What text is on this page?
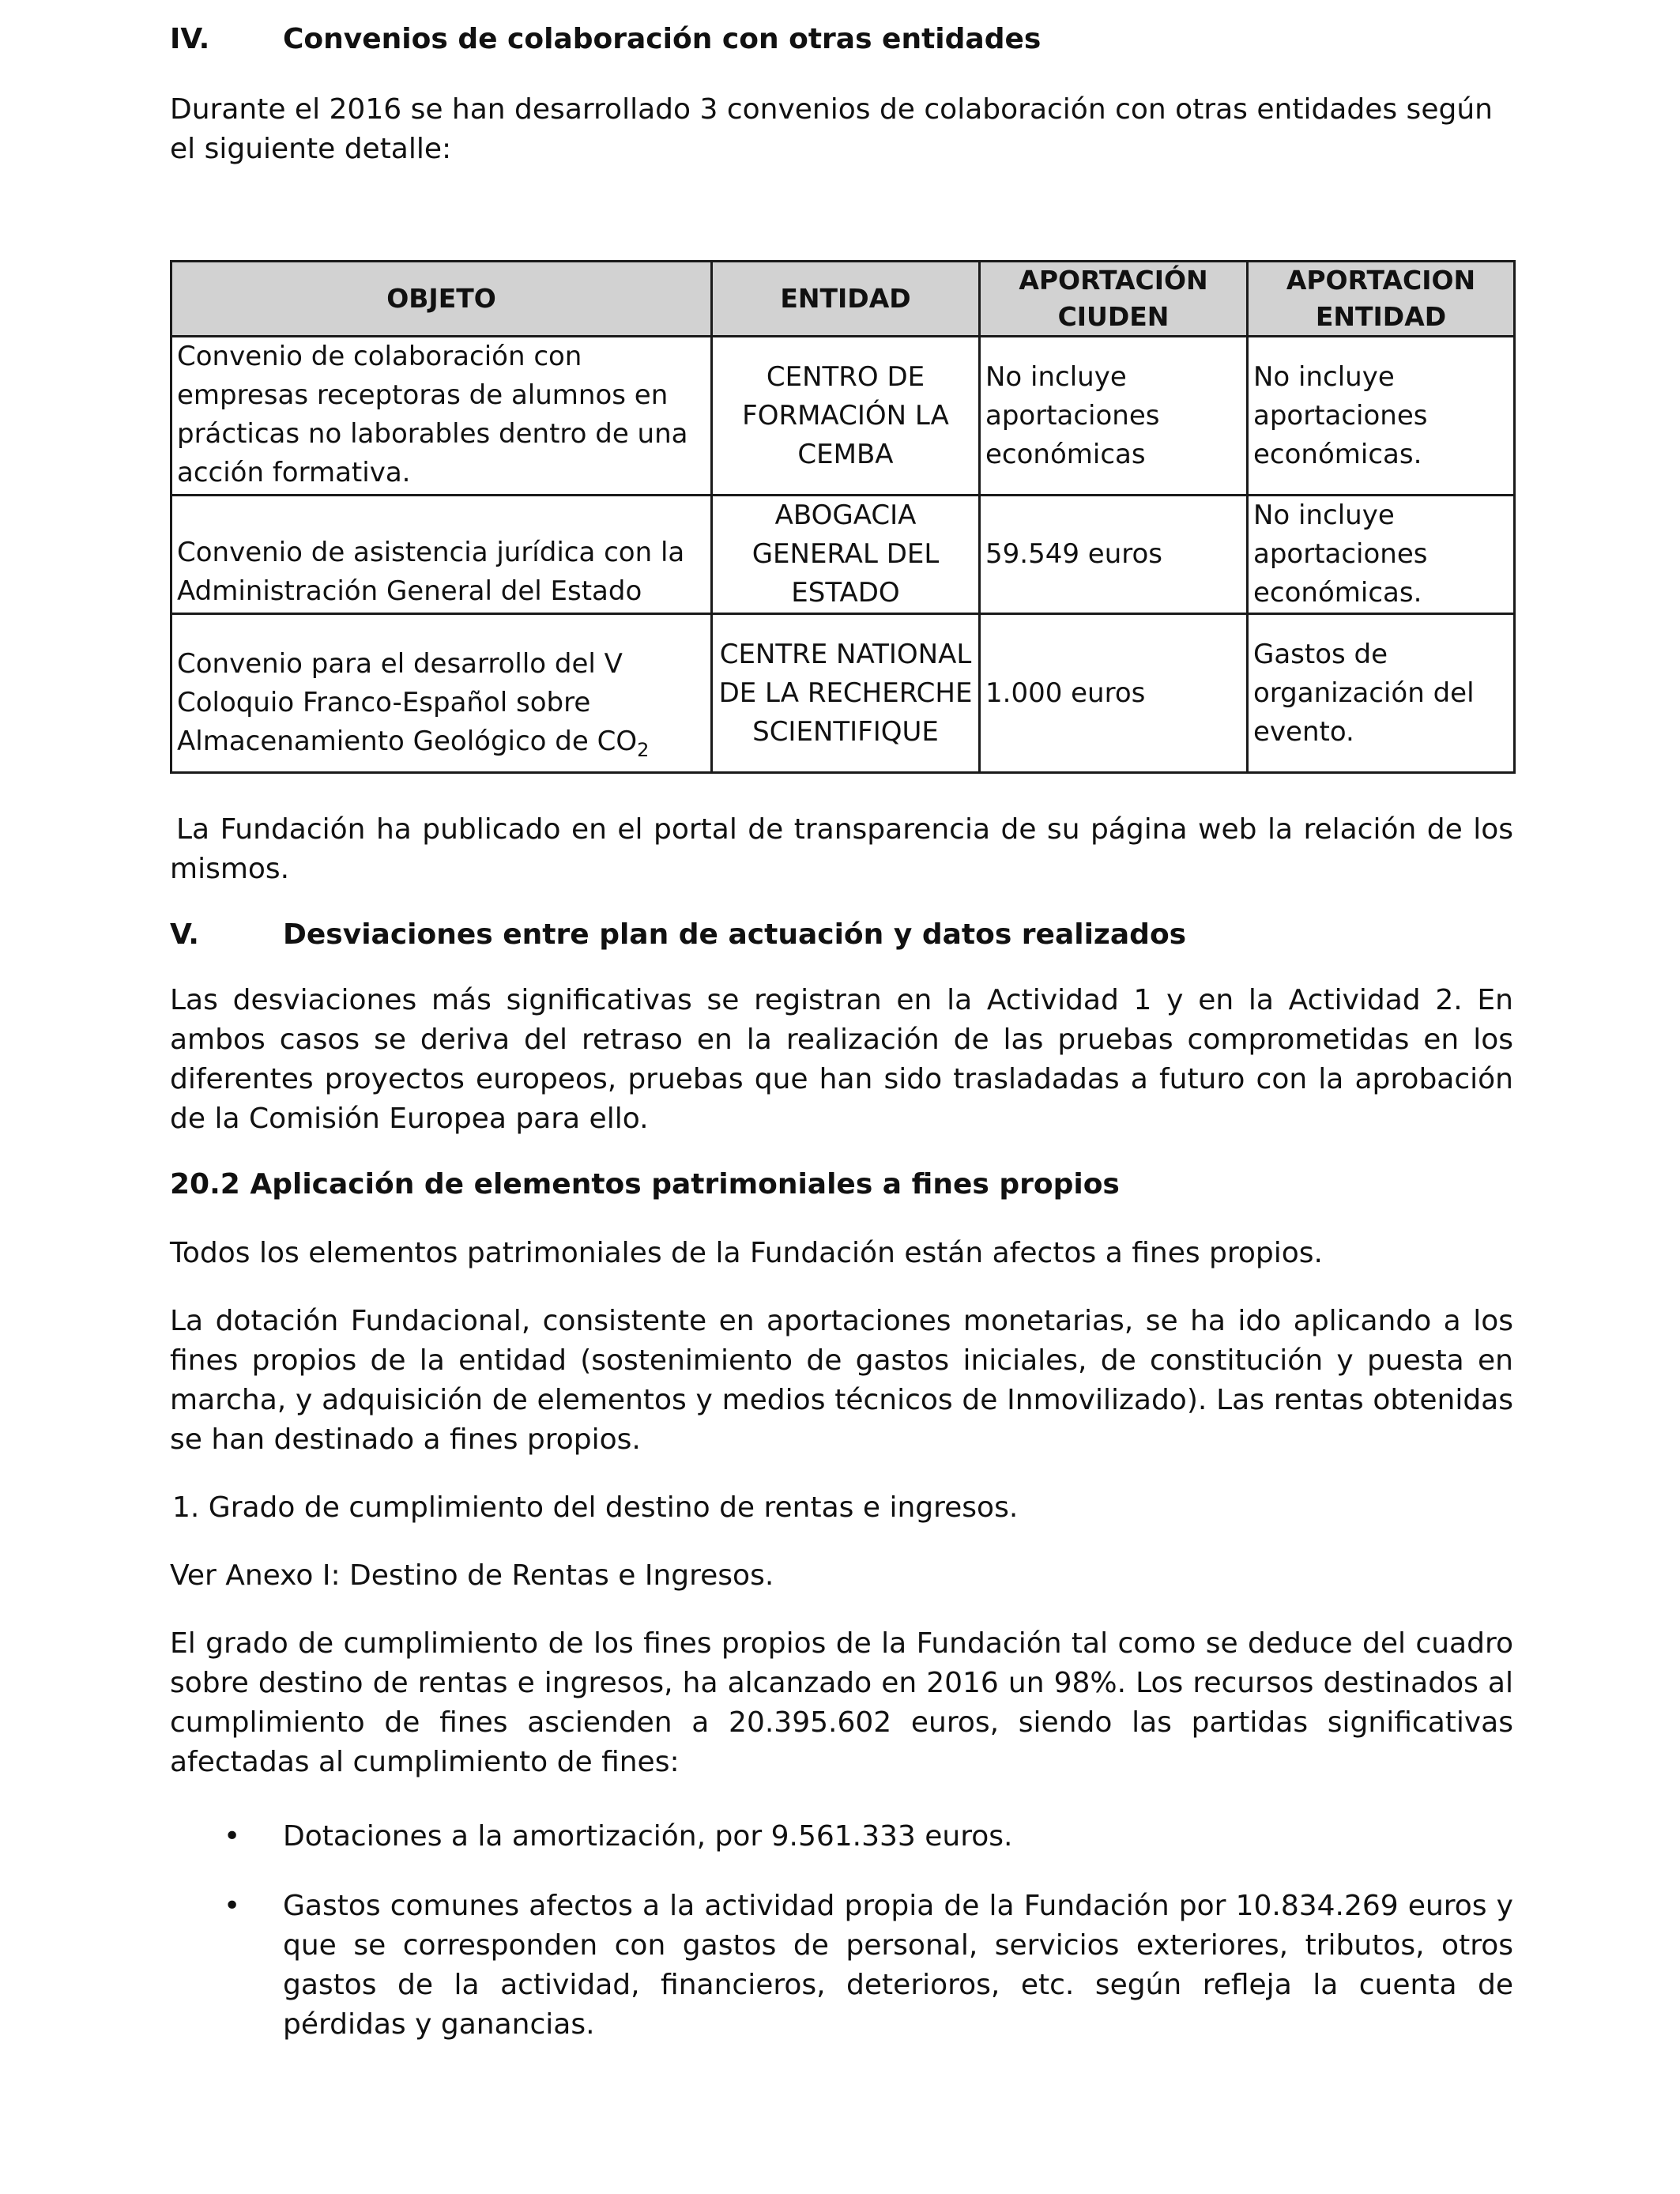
IV.	Convenios de colaboración con otras entidades

Durante el 2016 se han desarrollado 3 convenios de colaboración con otras entidades según el siguiente detalle:

OBJETO	ENTIDAD	APORTACIÓN CIUDEN	APORTACION ENTIDAD
Convenio de colaboración con empresas receptoras de alumnos en prácticas no laborables dentro de una acción formativa.	CENTRO DE FORMACIÓN LA CEMBA	No incluye aportaciones económicas	No incluye aportaciones económicas.
Convenio de asistencia jurídica con la Administración General del Estado	ABOGACIA GENERAL DEL ESTADO	59.549 euros	No incluye aportaciones económicas.
Convenio para el desarrollo del V Coloquio Franco-Español sobre Almacenamiento Geológico de $CO_2$	CENTRE NATIONAL DE LA RECHERCHE SCIENTIFIQUE	1.000 euros	Gastos de organización del evento.

La Fundación ha publicado en el portal de transparencia de su página web la relación de los mismos.

V.	Desviaciones entre plan de actuación y datos realizados

Las desviaciones más significativas se registran en la Actividad 1 y en la Actividad 2. En ambos casos se deriva del retraso en la realización de las pruebas comprometidas en los diferentes proyectos europeos, pruebas que han sido trasladadas a futuro con la aprobación de la Comisión Europea para ello.

20.2 Aplicación de elementos patrimoniales a fines propios

Todos los elementos patrimoniales de la Fundación están afectos a fines propios.

La dotación Fundacional, consistente en aportaciones monetarias, se ha ido aplicando a los fines propios de la entidad (sostenimiento de gastos iniciales, de constitución y puesta en marcha, y adquisición de elementos y medios técnicos de Inmovilizado). Las rentas obtenidas se han destinado a fines propios.

1. Grado de cumplimiento del destino de rentas e ingresos.

Ver Anexo I: Destino de Rentas e Ingresos.

El grado de cumplimiento de los fines propios de la Fundación tal como se deduce del cuadro sobre destino de rentas e ingresos, ha alcanzado en 2016 un 98%. Los recursos destinados al cumplimiento de fines ascienden a 20.395.602 euros, siendo las partidas significativas afectadas al cumplimiento de fines:

•	Dotaciones a la amortización, por 9.561.333 euros.
•	Gastos comunes afectos a la actividad propia de la Fundación por 10.834.269 euros y que se corresponden con gastos de personal, servicios exteriores, tributos, otros gastos de la actividad, financieros, deterioros, etc. según refleja la cuenta de pérdidas y ganancias.
